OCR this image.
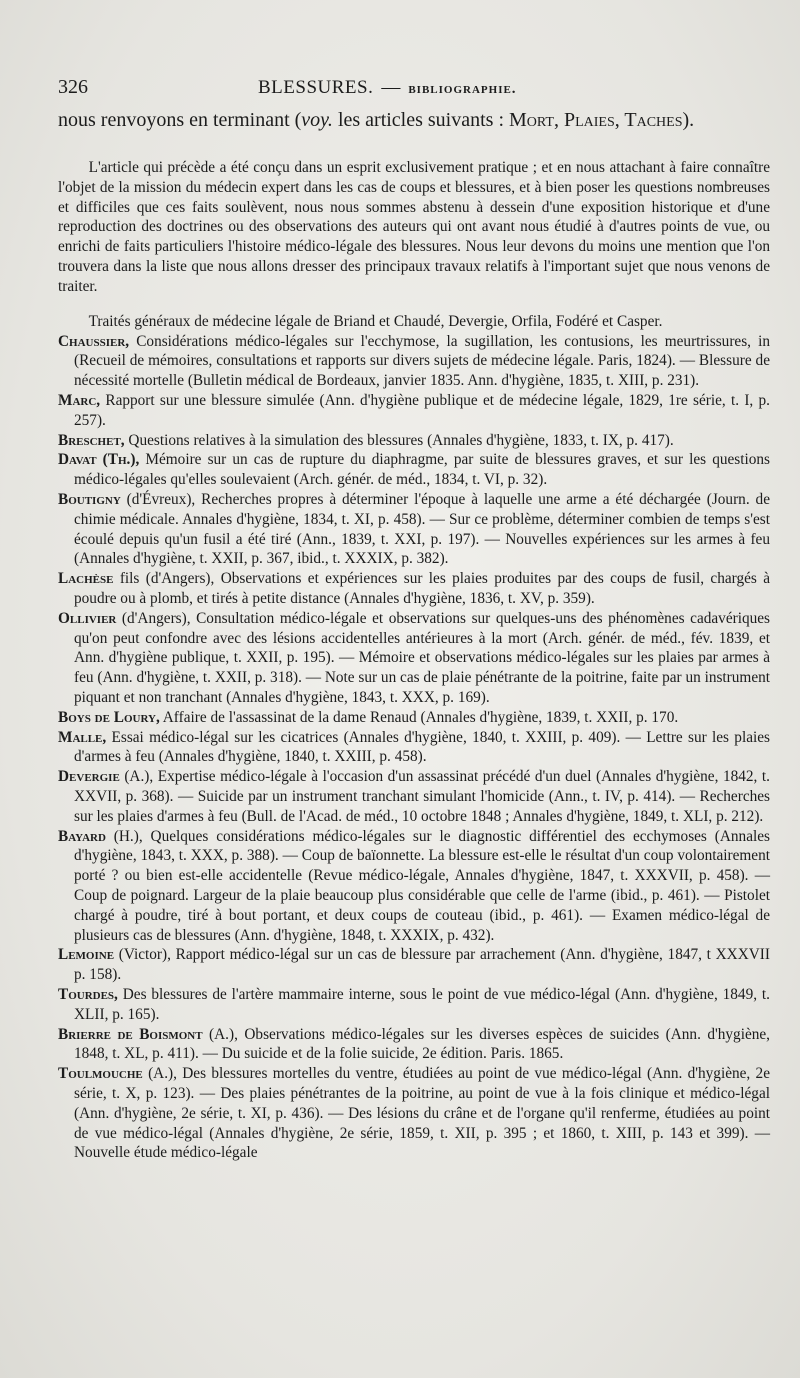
326	BLESSURES. — bibliographie.
nous renvoyons en terminant (voy. les articles suivants : Mort, Plaies, Taches).

L'article qui précède a été conçu dans un esprit exclusivement pratique ; et en nous attachant à faire connaître l'objet de la mission du médecin expert dans les cas de coups et blessures, et à bien poser les questions nombreuses et difficiles que ces faits soulèvent, nous nous sommes abstenu à dessein d'une exposition historique et d'une reproduction des doctrines ou des observations des auteurs qui ont avant nous étudié à d'autres points de vue, ou enrichi de faits particuliers l'histoire médico-légale des blessures. Nous leur devons du moins une mention que l'on trouvera dans la liste que nous allons dresser des principaux travaux relatifs à l'important sujet que nous venons de traiter.

Traités généraux de médecine légale de Briand et Chaudé, Devergie, Orfila, Fodéré et Casper.

Chaussier, Considérations médico-légales sur l'ecchymose, la sugillation, les contusions, les meurtrissures, in (Recueil de mémoires, consultations et rapports sur divers sujets de médecine légale. Paris, 1824). — Blessure de nécessité mortelle (Bulletin médical de Bordeaux, janvier 1835. Ann. d'hygiène, 1835, t. XIII, p. 231).

Marc, Rapport sur une blessure simulée (Ann. d'hygiène publique et de médecine légale, 1829, 1re série, t. I, p. 257).

Breschet, Questions relatives à la simulation des blessures (Annales d'hygiène, 1833, t. IX, p. 417).

Davat (Th.), Mémoire sur un cas de rupture du diaphragme, par suite de blessures graves, et sur les questions médico-légales qu'elles soulevaient (Arch. génér. de méd., 1834, t. VI, p. 32).

Boutigny (d'Évreux), Recherches propres à déterminer l'époque à laquelle une arme a été déchargée (Journ. de chimie médicale. Annales d'hygiène, 1834, t. XI, p. 458). — Sur ce problème, déterminer combien de temps s'est écoulé depuis qu'un fusil a été tiré (Ann., 1839, t. XXI, p. 197). — Nouvelles expériences sur les armes à feu (Annales d'hygiène, t. XXII, p. 367, ibid., t. XXXIX, p. 382).

Lachèse fils (d'Angers), Observations et expériences sur les plaies produites par des coups de fusil, chargés à poudre ou à plomb, et tirés à petite distance (Annales d'hygiène, 1836, t. XV, p. 359).

Ollivier (d'Angers), Consultation médico-légale et observations sur quelques-uns des phénomènes cadavériques qu'on peut confondre avec des lésions accidentelles antérieures à la mort (Arch. génér. de méd., fév. 1839, et Ann. d'hygiène publique, t. XXII, p. 195). — Mémoire et observations médico-légales sur les plaies par armes à feu (Ann. d'hygiène, t. XXII, p. 318). — Note sur un cas de plaie pénétrante de la poitrine, faite par un instrument piquant et non tranchant (Annales d'hygiène, 1843, t. XXX, p. 169).

Boys de Loury, Affaire de l'assassinat de la dame Renaud (Annales d'hygiène, 1839, t. XXII, p. 170.

Malle, Essai médico-légal sur les cicatrices (Annales d'hygiène, 1840, t. XXIII, p. 409). — Lettre sur les plaies d'armes à feu (Annales d'hygiène, 1840, t. XXIII, p. 458).

Devergie (A.), Expertise médico-légale à l'occasion d'un assassinat précédé d'un duel (Annales d'hygiène, 1842, t. XXVII, p. 368). — Suicide par un instrument tranchant simulant l'homicide (Ann., t. IV, p. 414). — Recherches sur les plaies d'armes à feu (Bull. de l'Acad. de méd., 10 octobre 1848 ; Annales d'hygiène, 1849, t. XLI, p. 212).

Bayard (H.), Quelques considérations médico-légales sur le diagnostic différentiel des ecchymoses (Annales d'hygiène, 1843, t. XXX, p. 388). — Coup de baïonnette. La blessure est-elle le résultat d'un coup volontairement porté ? ou bien est-elle accidentelle (Revue médico-légale, Annales d'hygiène, 1847, t. XXXVII, p. 458). — Coup de poignard. Largeur de la plaie beaucoup plus considérable que celle de l'arme (ibid., p. 461). — Pistolet chargé à poudre, tiré à bout portant, et deux coups de couteau (ibid., p. 461). — Examen médico-légal de plusieurs cas de blessures (Ann. d'hygiène, 1848, t. XXXIX, p. 432).

Lemoine (Victor), Rapport médico-légal sur un cas de blessure par arrachement (Ann. d'hygiène, 1847, t XXXVII p. 158).

Tourdes, Des blessures de l'artère mammaire interne, sous le point de vue médico-légal (Ann. d'hygiène, 1849, t. XLII, p. 165).

Brierre de Boismont (A.), Observations médico-légales sur les diverses espèces de suicides (Ann. d'hygiène, 1848, t. XL, p. 411). — Du suicide et de la folie suicide, 2e édition. Paris. 1865.

Toulmouche (A.), Des blessures mortelles du ventre, étudiées au point de vue médico-légal (Ann. d'hygiène, 2e série, t. X, p. 123). — Des plaies pénétrantes de la poitrine, au point de vue à la fois clinique et médico-légal (Ann. d'hygiène, 2e série, t. XI, p. 436). — Des lésions du crâne et de l'organe qu'il renferme, étudiées au point de vue médico-légal (Annales d'hygiène, 2e série, 1859, t. XII, p. 395 ; et 1860, t. XIII, p. 143 et 399). — Nouvelle étude médico-légale
